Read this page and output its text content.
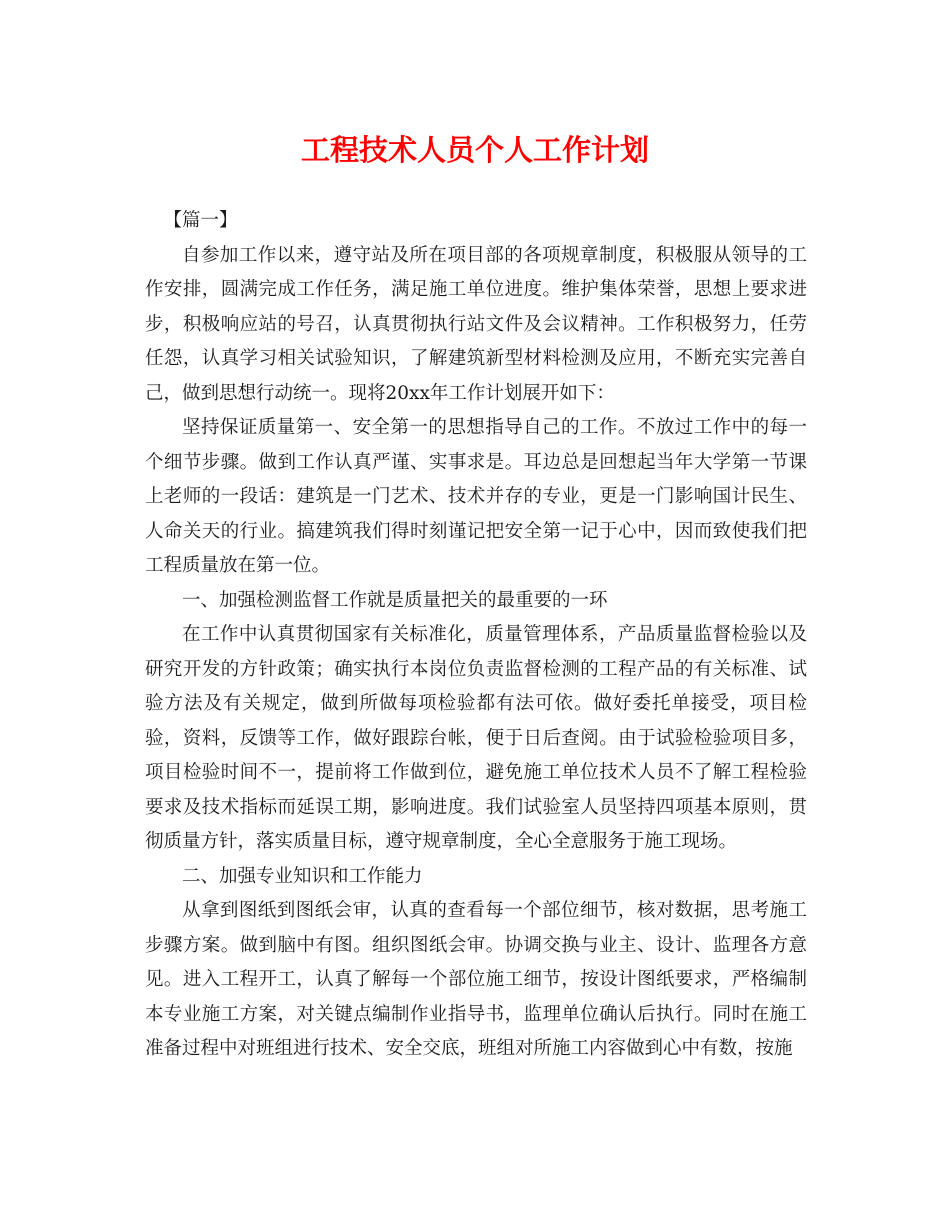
工程技术人员个人工作计划

【篇一】

自参加工作以来，遵守站及所在项目部的各项规章制度，积极服从领导的工作安排，圆满完成工作任务，满足施工单位进度。维护集体荣誉，思想上要求进步，积极响应站的号召，认真贯彻执行站文件及会议精神。工作积极努力，任劳任怨，认真学习相关试验知识，了解建筑新型材料检测及应用，不断充实完善自己，做到思想行动统一。现将20xx年工作计划展开如下：

坚持保证质量第一、安全第一的思想指导自己的工作。不放过工作中的每一个细节步骤。做到工作认真严谨、实事求是。耳边总是回想起当年大学第一节课上老师的一段话：建筑是一门艺术、技术并存的专业，更是一门影响国计民生、人命关天的行业。搞建筑我们得时刻谨记把安全第一记于心中，因而致使我们把工程质量放在第一位。

一、加强检测监督工作就是质量把关的最重要的一环

在工作中认真贯彻国家有关标准化，质量管理体系，产品质量监督检验以及研究开发的方针政策；确实执行本岗位负责监督检测的工程产品的有关标准、试验方法及有关规定，做到所做每项检验都有法可依。做好委托单接受，项目检验，资料，反馈等工作，做好跟踪台帐，便于日后查阅。由于试验检验项目多，项目检验时间不一，提前将工作做到位，避免施工单位技术人员不了解工程检验要求及技术指标而延误工期，影响进度。我们试验室人员坚持四项基本原则，贯彻质量方针，落实质量目标，遵守规章制度，全心全意服务于施工现场。

二、加强专业知识和工作能力

从拿到图纸到图纸会审，认真的查看每一个部位细节，核对数据，思考施工步骤方案。做到脑中有图。组织图纸会审。协调交换与业主、设计、监理各方意见。进入工程开工，认真了解每一个部位施工细节，按设计图纸要求，严格编制本专业施工方案，对关键点编制作业指导书，监理单位确认后执行。同时在施工准备过程中对班组进行技术、安全交底，班组对所施工内容做到心中有数，按施
